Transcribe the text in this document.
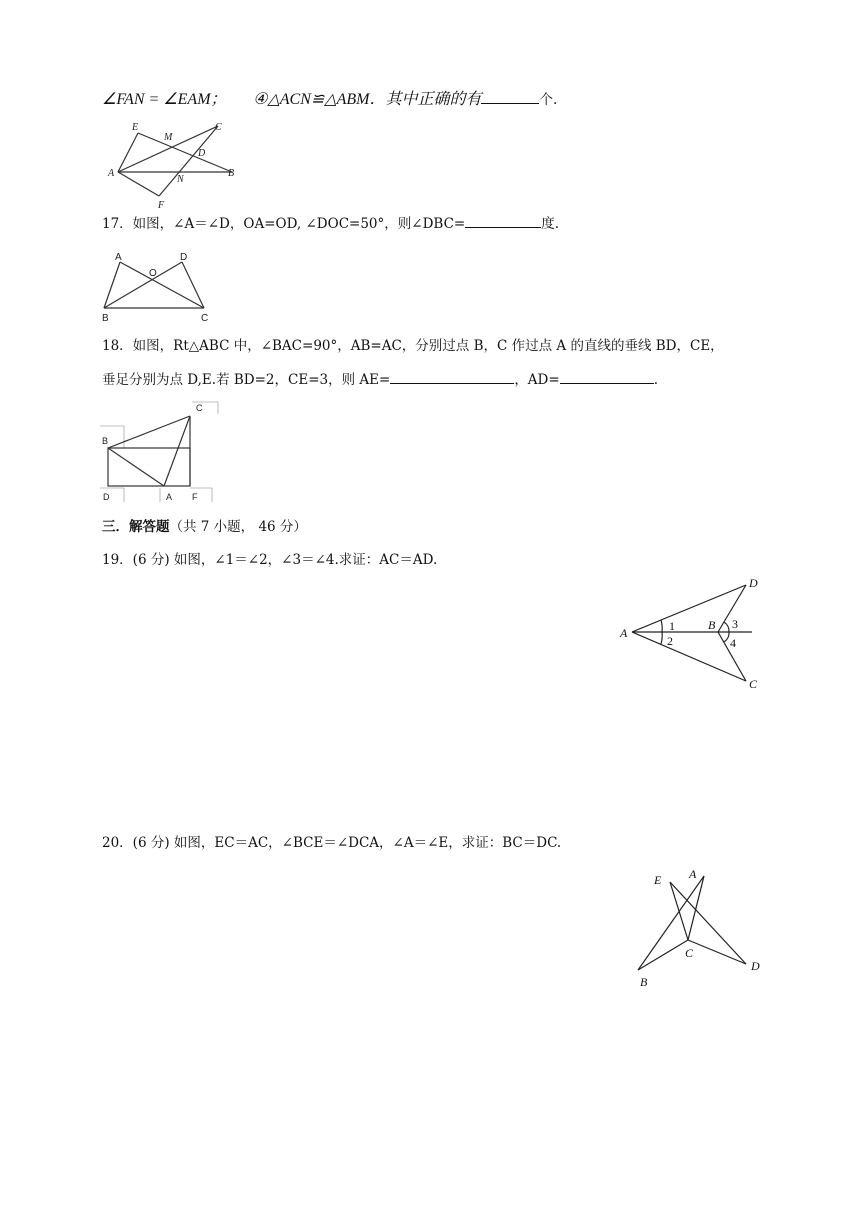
∠FAN = ∠EAM； ④△ACN≌△ABM．其中正确的有	个.
E
M
C
D
A
N
B
F
17．如图，∠A＝∠D，OA=OD, ∠DOC=50°，则∠DBC=	度.
A
O
D
B	C
18．如图，Rt△ABC 中，∠BAC=90°，AB=AC，分别过点 B，C 作过点 A 的直线的垂线 BD，CE，
垂足分别为点 D,E.若 BD=2，CE=3，则 AE=	，AD=	.
C
B
D	A F
三．解答题（共 7 小题， 46 分）
19．(6 分) 如图，∠1＝∠2，∠3＝∠4.求证：AC＝AD.
A
B
D
C
1
2
3
4
20．(6 分) 如图，EC＝AC，∠BCE＝∠DCA，∠A＝∠E，求证：BC＝DC.
E A
C
B
D
